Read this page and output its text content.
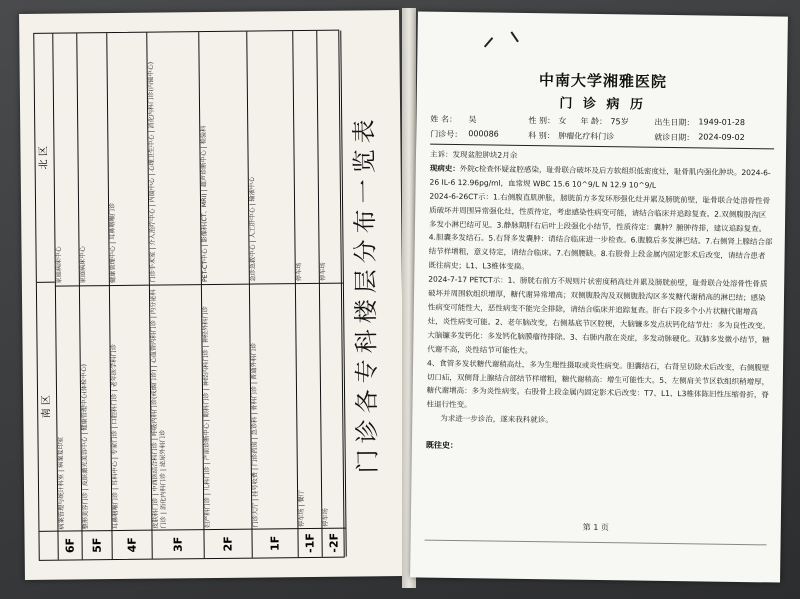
门诊各专科楼层分布一览表
南 区
北 区
6F
病案管理与统计科室 | 病案复印室
家庭病床中心
5F
整形美容门诊 | 皮肤激光美容中心 | 健康管理中心(体检中心)
家庭病床中心
4F
耳鼻咽喉门诊 | 耳科中心 | 专家门诊 | 口腔科门诊 | 老年医学科门诊
健康管理中心 | 耳鼻咽喉门诊
3F
皮肤科门诊 | 中西医结合科门诊 | 呼吸内科门诊(戒烟门诊) | 心血管内科门诊 | 内分泌科门诊 | 消化内科门诊 | 泌尿外科门诊
门诊手术室 | 介入治疗中心 | 内镜中心 | 心理卫生中心 | 消化内科门诊(内镜中心)
2F
妇产科门诊 | 儿科门诊 | 产前诊断中心 | 眼科门诊 | 神经内科门诊 | 神经外科门诊
PET-CT中心 | 影像科(CT、MRI) | 超声诊断中心 | 检验科
1F
门诊大厅 | 挂号收费 | 门诊药房 | 急诊科 | 骨科门诊 | 普通外科门诊
急诊急救中心 | 人工肝中心 | 输液中心
-1F
停车场 | 餐厅
停车场
-2F
停车场
停车场
中南大学湘雅医院
门 诊 病 历
姓 名：	吴	性 别： 女	年 龄： 75岁	出生日期： 1949-01-28
门诊号： 000086	科 别： 肿瘤化疗科门诊	就诊日期： 2024-09-02

主诉：发现盆腔肿块2月余

现病史：外院c检查怀疑盆腔感染，耻骨联合破坏及后方软组织低密度灶，耻骨肌内强化肿块。2024-6-26 IL-6 12.96pg/ml，血常规 WBC 15.6 10^9/L N 12.9 10^9/L

2024-6-26CT示：1.右侧腹直肌肿胀，膀胱前方多发环形强化灶并累及膀胱前壁，耻骨联合处溶骨性骨质破坏并周围异常强化灶，性质待定，考虑感染性病变可能，请结合临床并追踪复查。2.双侧腹股沟区多发小淋巴结可见。3.静脉期肝右后叶上段强化小结节，性质待定：囊肿？腑肿待排，建议追踪复查。4.胆囊多发结石。5.右肾多发囊肿：请结合临床进一步检查。6.腹膜后多发淋巴结。7.右侧肾上腺结合部结节样增粗，意义待定，请结合临床。7.右侧腰缺。8.右股骨上段金属内固定影术后改变，请结合患者既往病史；L1、L3椎体变扁。

2024-7-17 PETCT示：1、膀胱右前方不规则片状密度稍高灶并累及膀胱前壁，耻骨联合处溶骨性骨质破坏并周围软组织增厚，糖代谢异常增高；双侧腹股沟及双侧腹股沟区多发糖代谢稍高的淋巴结；感染性病变可能性大，恶性病变不能完全排除，请结合临床并追踪复查。肝右下段多个小片状糖代谢增高灶，炎性病变可能。2、老年脑改变，右侧基底节区腔梗，大脑镰多发点状钙化结节灶：多为良性改变。大脑镰多发钙化：多发钙化脑膜瘤待排除。3、右肺内散在炎症，多发动脉硬化。双肺多发微小结节，糖代谢不高，炎性结节可能性大。

4、食管多发状糖代谢稍高灶，多为生理性摄取或炎性病变。胆囊结石，右肾呈切除术后改变，右侧腹壁切口疝，双侧肾上腺结合部结节样增粗，糖代谢稍高：增生可能性大。5、左侧肩关节区软组织稍增厚，糖代谢增高：多为炎性病变。右股骨上段金属内固定影术后改变：T7、L1、L3椎体陈旧性压缩骨折，脊柱退行性变。

为求进一步诊治，遂来我科就诊。

既往史：
第 1 页
